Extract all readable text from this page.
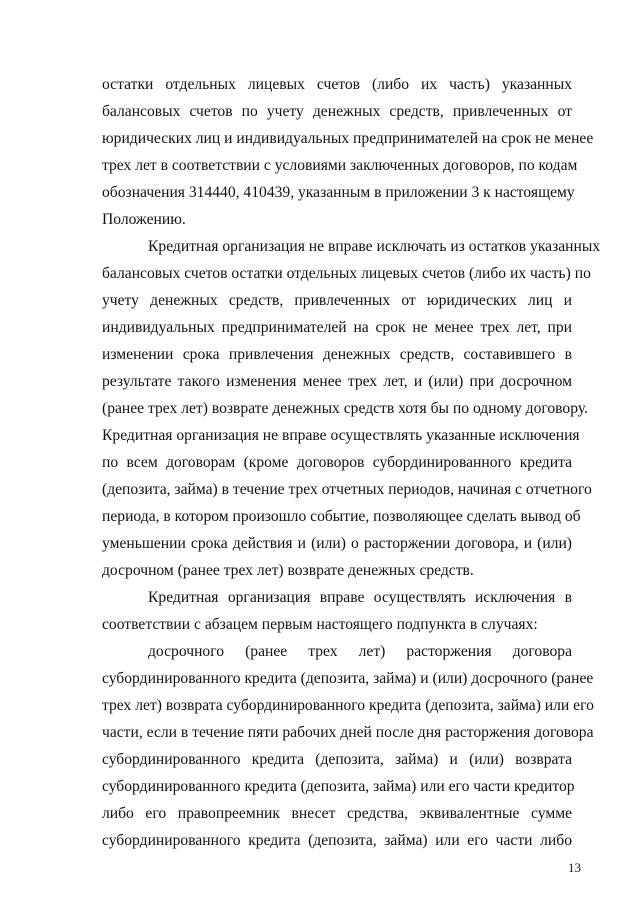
остатки отдельных лицевых счетов (либо их часть) указанных
балансовых счетов по учету денежных средств, привлеченных от
юридических лиц и индивидуальных предпринимателей на срок не менее
трех лет в соответствии с условиями заключенных договоров, по кодам
обозначения 314440, 410439, указанным в приложении 3 к настоящему
Положению.

Кредитная организация не вправе исключать из остатков указанных
балансовых счетов остатки отдельных лицевых счетов (либо их часть) по
учету денежных средств, привлеченных от юридических лиц и
индивидуальных предпринимателей на срок не менее трех лет, при
изменении срока привлечения денежных средств, составившего в
результате такого изменения менее трех лет, и (или) при досрочном
(ранее трех лет) возврате денежных средств хотя бы по одному договору.
Кредитная организация не вправе осуществлять указанные исключения
по всем договорам (кроме договоров субординированного кредита
(депозита, займа) в течение трех отчетных периодов, начиная с отчетного
периода, в котором произошло событие, позволяющее сделать вывод об
уменьшении срока действия и (или) о расторжении договора, и (или)
досрочном (ранее трех лет) возврате денежных средств.

Кредитная организация вправе осуществлять исключения в
соответствии с абзацем первым настоящего подпункта в случаях:

досрочного (ранее трех лет) расторжения договора
субординированного кредита (депозита, займа) и (или) досрочного (ранее
трех лет) возврата субординированного кредита (депозита, займа) или его
части, если в течение пяти рабочих дней после дня расторжения договора
субординированного кредита (депозита, займа) и (или) возврата
субординированного кредита (депозита, займа) или его части кредитор
либо его правопреемник внесет средства, эквивалентные сумме
субординированного кредита (депозита, займа) или его части либо

13
